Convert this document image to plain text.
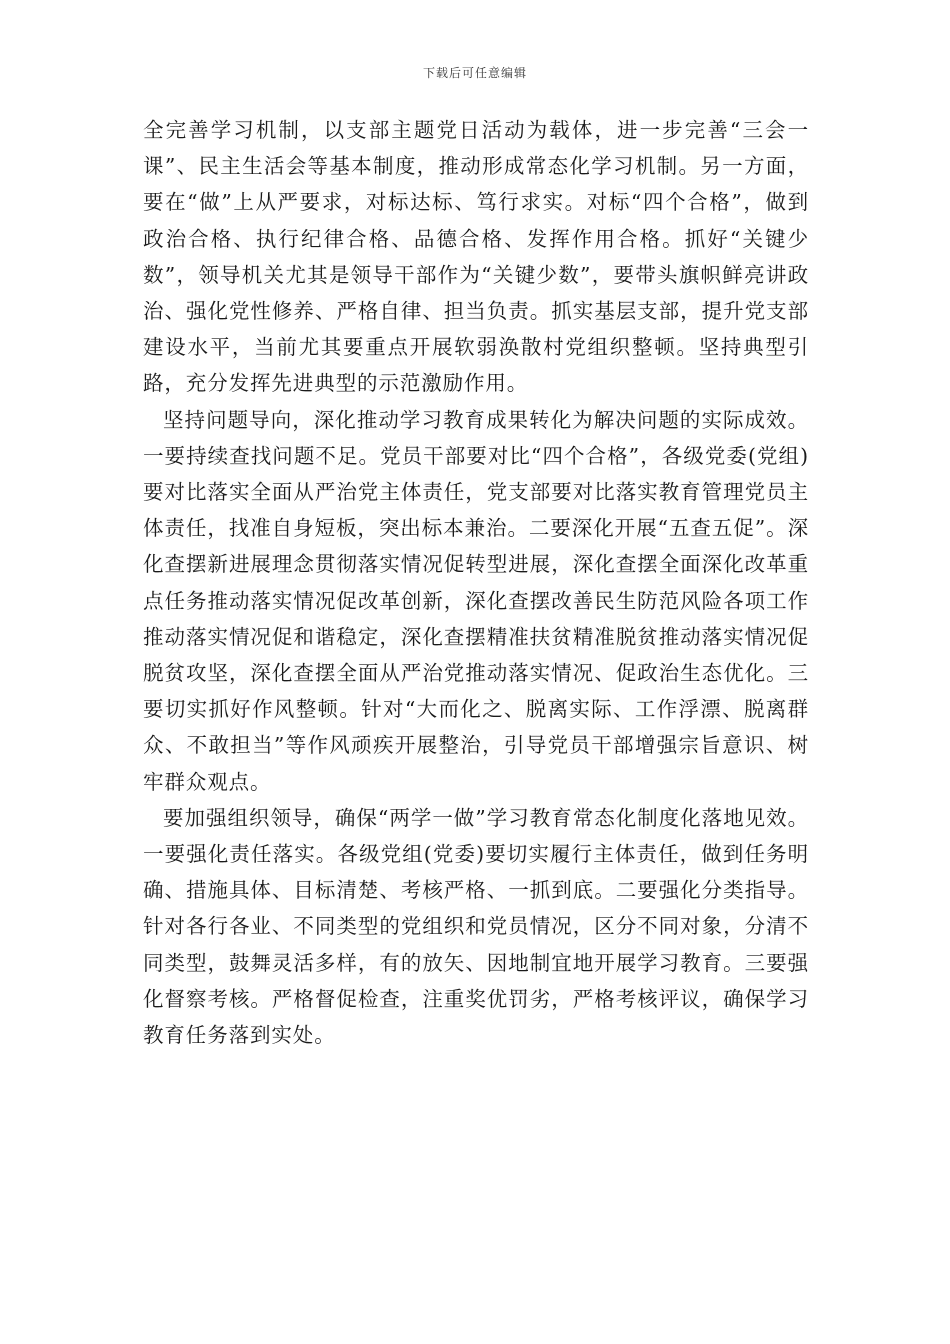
下载后可任意编辑

全完善学习机制，以支部主题党日活动为载体，进一步完善“三会一课”、民主生活会等基本制度，推动形成常态化学习机制。另一方面，要在“做”上从严要求，对标达标、笃行求实。对标“四个合格”，做到政治合格、执行纪律合格、品德合格、发挥作用合格。抓好“关键少数”，领导机关尤其是领导干部作为“关键少数”，要带头旗帜鲜亮讲政治、强化党性修养、严格自律、担当负责。抓实基层支部，提升党支部建设水平，当前尤其要重点开展软弱涣散村党组织整顿。坚持典型引路，充分发挥先进典型的示范激励作用。

坚持问题导向，深化推动学习教育成果转化为解决问题的实际成效。一要持续查找问题不足。党员干部要对比“四个合格”，各级党委(党组)要对比落实全面从严治党主体责任，党支部要对比落实教育管理党员主体责任，找准自身短板，突出标本兼治。二要深化开展“五查五促”。深化查摆新进展理念贯彻落实情况促转型进展，深化查摆全面深化改革重点任务推动落实情况促改革创新，深化查摆改善民生防范风险各项工作推动落实情况促和谐稳定，深化查摆精准扶贫精准脱贫推动落实情况促脱贫攻坚，深化查摆全面从严治党推动落实情况、促政治生态优化。三要切实抓好作风整顿。针对“大而化之、脱离实际、工作浮漂、脱离群众、不敢担当”等作风顽疾开展整治，引导党员干部增强宗旨意识、树牢群众观点。

要加强组织领导，确保“两学一做”学习教育常态化制度化落地见效。一要强化责任落实。各级党组(党委)要切实履行主体责任，做到任务明确、措施具体、目标清楚、考核严格、一抓到底。二要强化分类指导。针对各行各业、不同类型的党组织和党员情况，区分不同对象，分清不同类型，鼓舞灵活多样，有的放矢、因地制宜地开展学习教育。三要强化督察考核。严格督促检查，注重奖优罚劣，严格考核评议，确保学习教育任务落到实处。
